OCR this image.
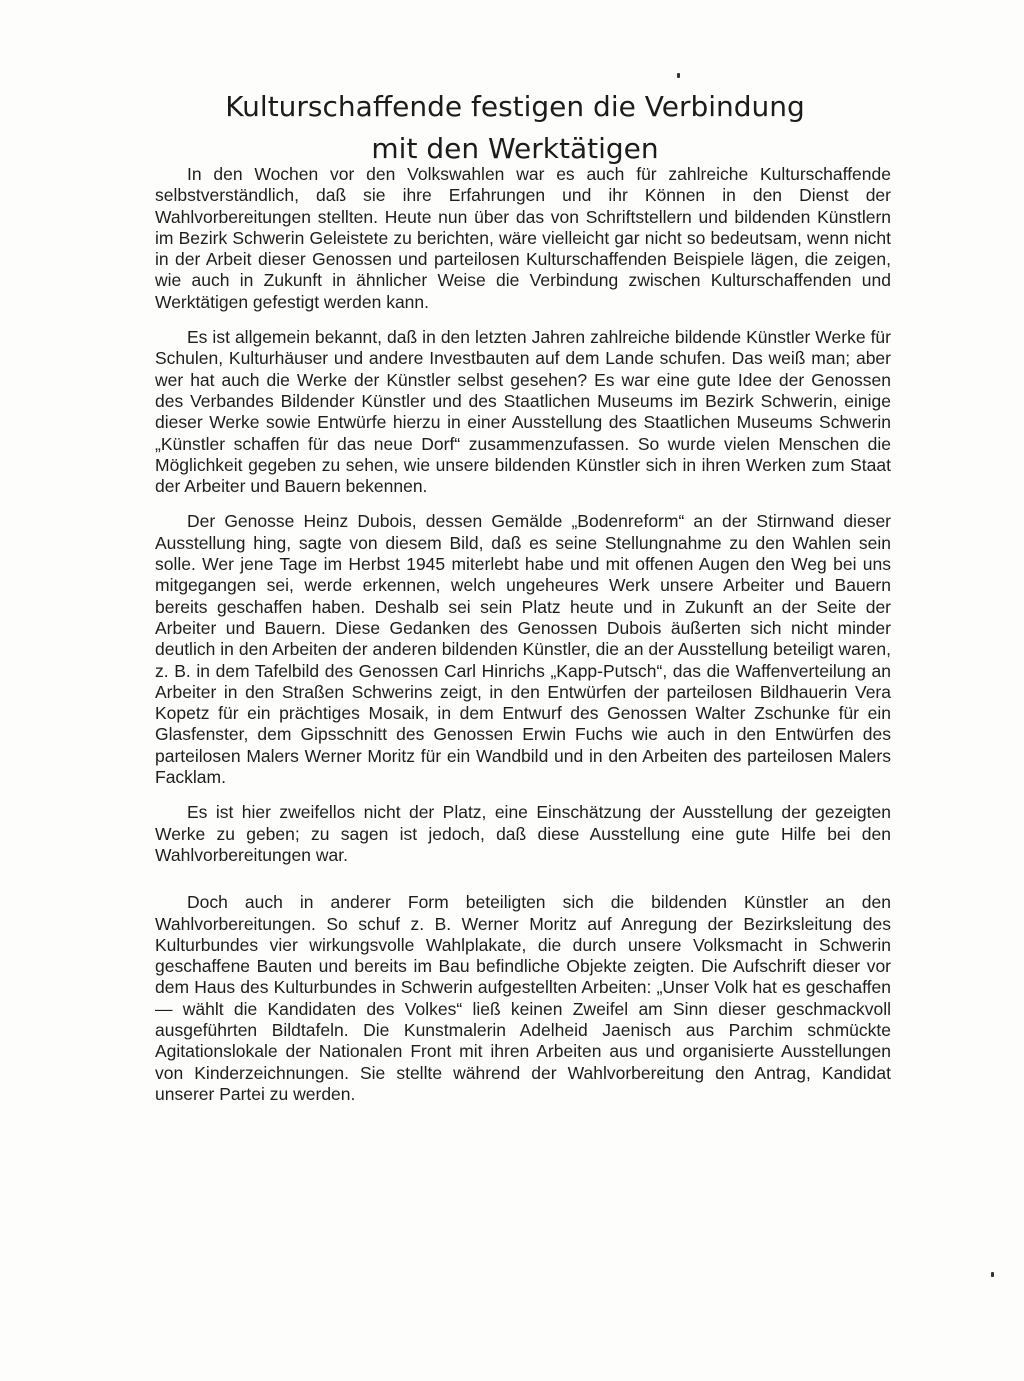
Kulturschaffende festigen die Verbindung
mit den Werktätigen

In den Wochen vor den Volkswahlen war es auch für zahlreiche Kulturschaffende selbstverständlich, daß sie ihre Erfahrungen und ihr Können in den Dienst der Wahlvorbereitungen stellten. Heute nun über das von Schriftstellern und bildenden Künstlern im Bezirk Schwerin Geleistete zu berichten, wäre vielleicht gar nicht so bedeutsam, wenn nicht in der Arbeit dieser Genossen und parteilosen Kulturschaffenden Beispiele lägen, die zeigen, wie auch in Zukunft in ähnlicher Weise die Verbindung zwischen Kulturschaffenden und Werktätigen gefestigt werden kann.

Es ist allgemein bekannt, daß in den letzten Jahren zahlreiche bildende Künstler Werke für Schulen, Kulturhäuser und andere Investbauten auf dem Lande schufen. Das weiß man; aber wer hat auch die Werke der Künstler selbst gesehen? Es war eine gute Idee der Genossen des Verbandes Bildender Künstler und des Staatlichen Museums im Bezirk Schwerin, einige dieser Werke sowie Entwürfe hierzu in einer Ausstellung des Staatlichen Museums Schwerin „Künstler schaffen für das neue Dorf“ zusammenzufassen. So wurde vielen Menschen die Möglichkeit gegeben zu sehen, wie unsere bildenden Künstler sich in ihren Werken zum Staat der Arbeiter und Bauern bekennen.

Der Genosse Heinz Dubois, dessen Gemälde „Bodenreform“ an der Stirnwand dieser Ausstellung hing, sagte von diesem Bild, daß es seine Stellungnahme zu den Wahlen sein solle. Wer jene Tage im Herbst 1945 miterlebt habe und mit offenen Augen den Weg bei uns mitgegangen sei, werde erkennen, welch ungeheures Werk unsere Arbeiter und Bauern bereits geschaffen haben. Deshalb sei sein Platz heute und in Zukunft an der Seite der Arbeiter und Bauern. Diese Gedanken des Genossen Dubois äußerten sich nicht minder deutlich in den Arbeiten der anderen bildenden Künstler, die an der Ausstellung beteiligt waren, z. B. in dem Tafelbild des Genossen Carl Hinrichs „Kapp-Putsch“, das die Waffenverteilung an Arbeiter in den Straßen Schwerins zeigt, in den Entwürfen der parteilosen Bildhauerin Vera Kopetz für ein prächtiges Mosaik, in dem Entwurf des Genossen Walter Zschunke für ein Glasfenster, dem Gipsschnitt des Genossen Erwin Fuchs wie auch in den Entwürfen des parteilosen Malers Werner Moritz für ein Wandbild und in den Arbeiten des parteilosen Malers Facklam.

Es ist hier zweifellos nicht der Platz, eine Einschätzung der Ausstellung der gezeigten Werke zu geben; zu sagen ist jedoch, daß diese Ausstellung eine gute Hilfe bei den Wahlvorbereitungen war.

Doch auch in anderer Form beteiligten sich die bildenden Künstler an den Wahlvorbereitungen. So schuf z. B. Werner Moritz auf Anregung der Bezirksleitung des Kulturbundes vier wirkungsvolle Wahlplakate, die durch unsere Volksmacht in Schwerin geschaffene Bauten und bereits im Bau befindliche Objekte zeigten. Die Aufschrift dieser vor dem Haus des Kulturbundes in Schwerin aufgestellten Arbeiten: „Unser Volk hat es geschaffen — wählt die Kandidaten des Volkes“ ließ keinen Zweifel am Sinn dieser geschmackvoll ausgeführten Bildtafeln. Die Kunstmalerin Adelheid Jaenisch aus Parchim schmückte Agitationslokale der Nationalen Front mit ihren Arbeiten aus und organisierte Ausstellungen von Kinderzeichnungen. Sie stellte während der Wahlvorbereitung den Antrag, Kandidat unserer Partei zu werden.
